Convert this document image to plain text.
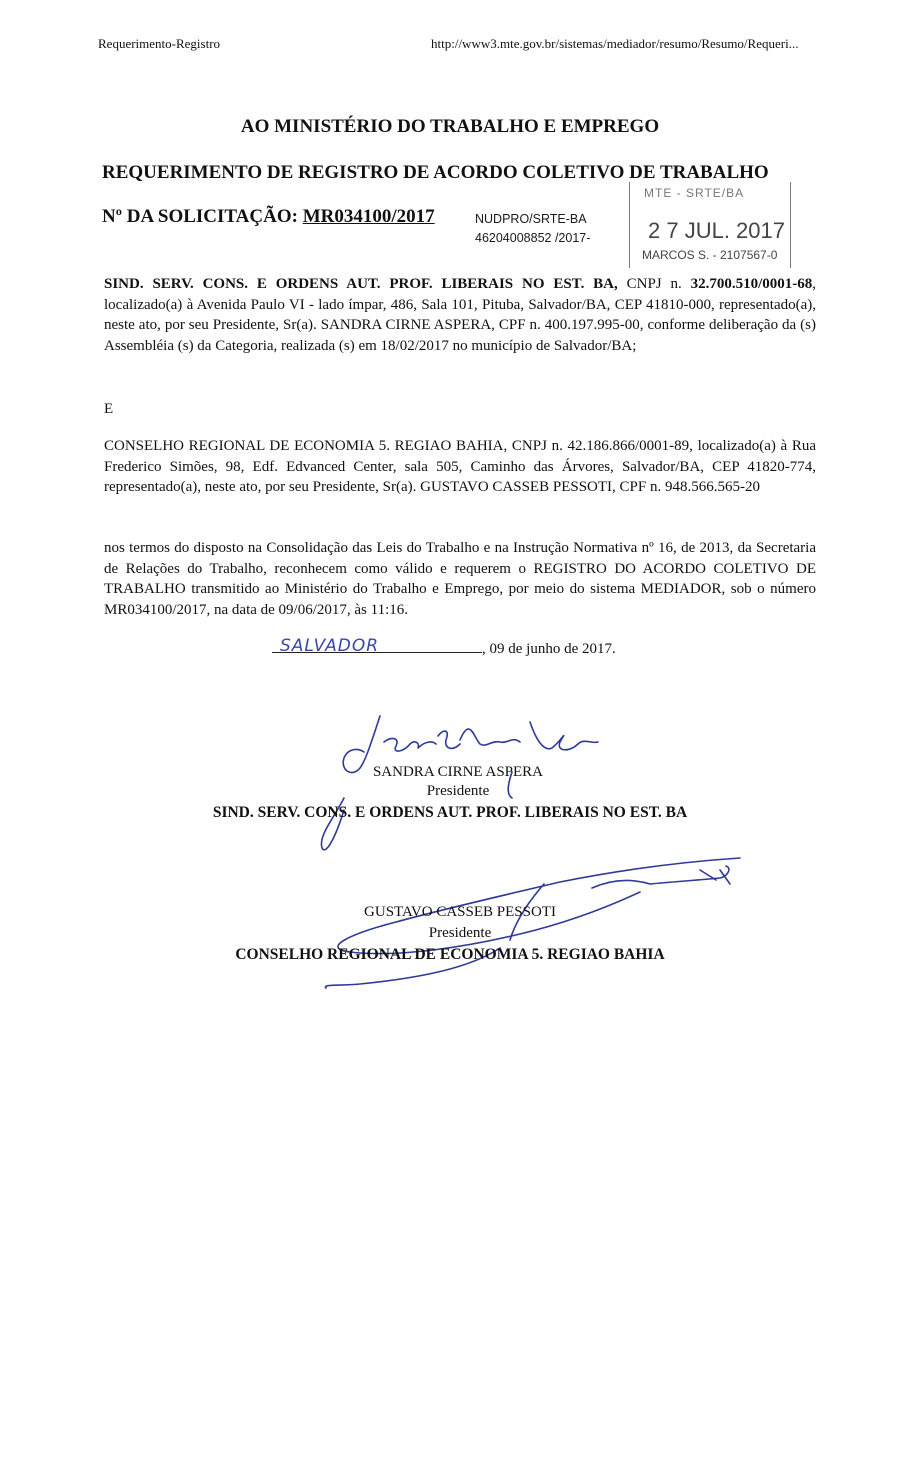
Requerimento-Registro	http://www3.mte.gov.br/sistemas/mediador/resumo/Resumo/Requeri...
AO MINISTÉRIO DO TRABALHO E EMPREGO
REQUERIMENTO DE REGISTRO DE ACORDO COLETIVO DE TRABALHO
Nº DA SOLICITAÇÃO: MR034100/2017	NUDPRO/SRTE-BA
46204008852 /2017-
MTE - SRTE/BA
2 7 JUL. 2017
MARCOS S. - 2107567-0
SIND. SERV. CONS. E ORDENS AUT. PROF. LIBERAIS NO EST. BA, CNPJ n. 32.700.510/0001-68, localizado(a) à Avenida Paulo VI - lado ímpar, 486, Sala 101, Pituba, Salvador/BA, CEP 41810-000, representado(a), neste ato, por seu Presidente, Sr(a). SANDRA CIRNE ASPERA, CPF n. 400.197.995-00, conforme deliberação da (s) Assembléia (s) da Categoria, realizada (s) em 18/02/2017 no município de Salvador/BA;
E
CONSELHO REGIONAL DE ECONOMIA 5. REGIAO BAHIA, CNPJ n. 42.186.866/0001-89, localizado(a) à Rua Frederico Simões, 98, Edf. Edvanced Center, sala 505, Caminho das Árvores, Salvador/BA, CEP 41820-774, representado(a), neste ato, por seu Presidente, Sr(a). GUSTAVO CASSEB PESSOTI, CPF n. 948.566.565-20
nos termos do disposto na Consolidação das Leis do Trabalho e na Instrução Normativa nº 16, de 2013, da Secretaria de Relações do Trabalho, reconhecem como válido e requerem o REGISTRO DO ACORDO COLETIVO DE TRABALHO transmitido ao Ministério do Trabalho e Emprego, por meio do sistema MEDIADOR, sob o número MR034100/2017, na data de 09/06/2017, às 11:16.
, 09 de junho de 2017.
SALVADOR
SANDRA CIRNE ASPERA
Presidente
SIND. SERV. CONS. E ORDENS AUT. PROF. LIBERAIS NO EST. BA
GUSTAVO CASSEB PESSOTI
Presidente
CONSELHO REGIONAL DE ECONOMIA 5. REGIAO BAHIA
